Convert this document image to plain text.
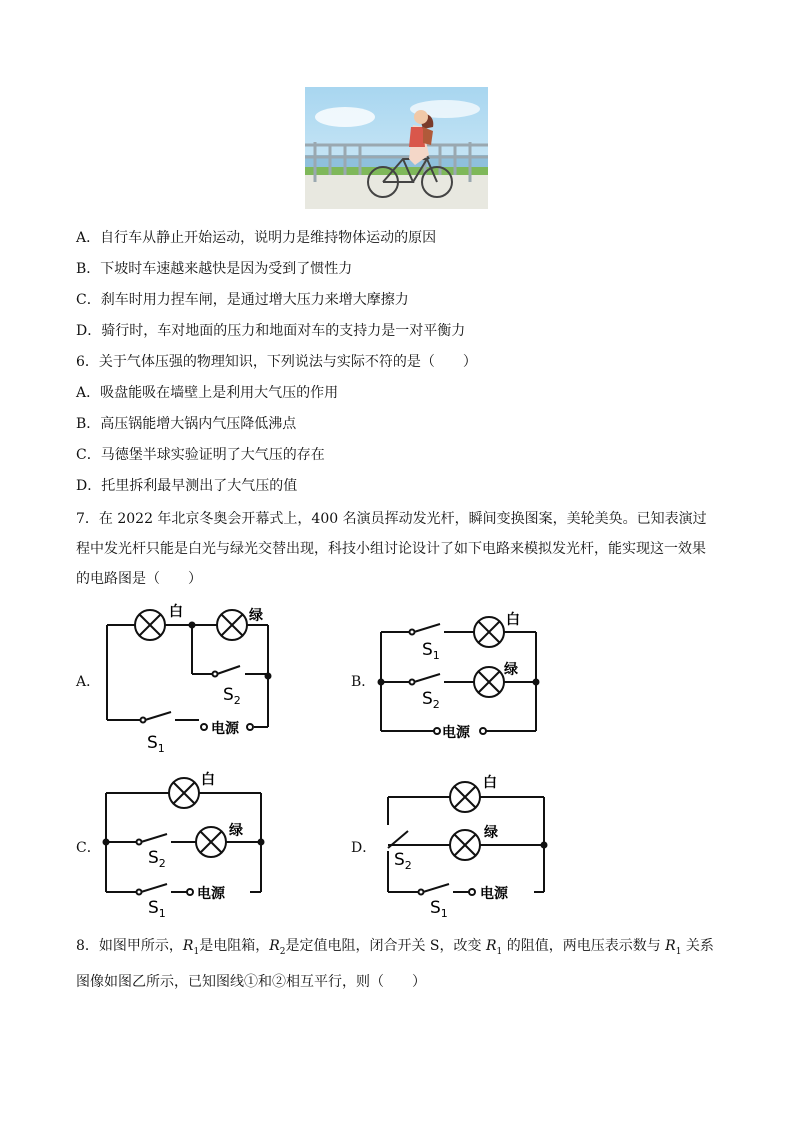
A．自行车从静止开始运动，说明力是维持物体运动的原因
B．下坡时车速越来越快是因为受到了惯性力
C．刹车时用力捏车闸，是通过增大压力来增大摩擦力
D．骑行时，车对地面的压力和地面对车的支持力是一对平衡力
6．关于气体压强的物理知识，下列说法与实际不符的是（　　）
A．吸盘能吸在墙壁上是利用大气压的作用
B．高压锅能增大锅内气压降低沸点
C．马德堡半球实验证明了大气压的存在
D．托里拆利最早测出了大气压的值
7．在 2022 年北京冬奥会开幕式上，400 名演员挥动发光杆，瞬间变换图案，美轮美奂。已知表演过程中发光杆只能是白光与绿光交替出现，科技小组讨论设计了如下电路来模拟发光杆，能实现这一效果的电路图是（　　）
A．	B．
C．	D．
白	绿
$S_2$
$S_1$
电源
白
绿
$S_1$
$S_2$
电源
白
绿
$S_2$
$S_1$
电源
白
绿
$S_2$
$S_1$
电源
8．如图甲所示，$R_1$是电阻箱，$R_2$是定值电阻，闭合开关 S，改变 $R_1$ 的阻值，两电压表示数与 $R_1$ 关系图像如图乙所示，已知图线①和②相互平行，则（　　）
